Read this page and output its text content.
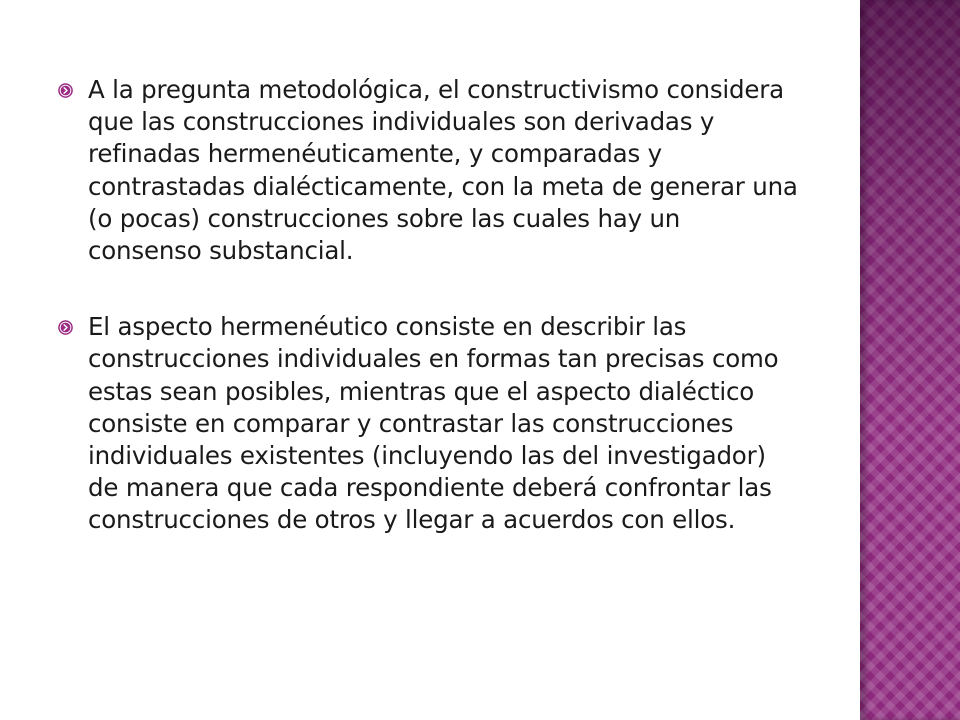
A la pregunta metodológica, el constructivismo considera que las construcciones individuales son derivadas y refinadas hermenéuticamente, y comparadas y contrastadas dialécticamente, con la meta de generar una (o pocas) construcciones sobre las cuales hay un consenso substancial.
El aspecto hermenéutico consiste en describir las construcciones individuales en formas tan precisas como estas sean posibles, mientras que el aspecto dialéctico consiste en comparar y contrastar las construcciones individuales existentes (incluyendo las del investigador) de manera que cada respondiente deberá confrontar las construcciones de otros y llegar a acuerdos con ellos.
